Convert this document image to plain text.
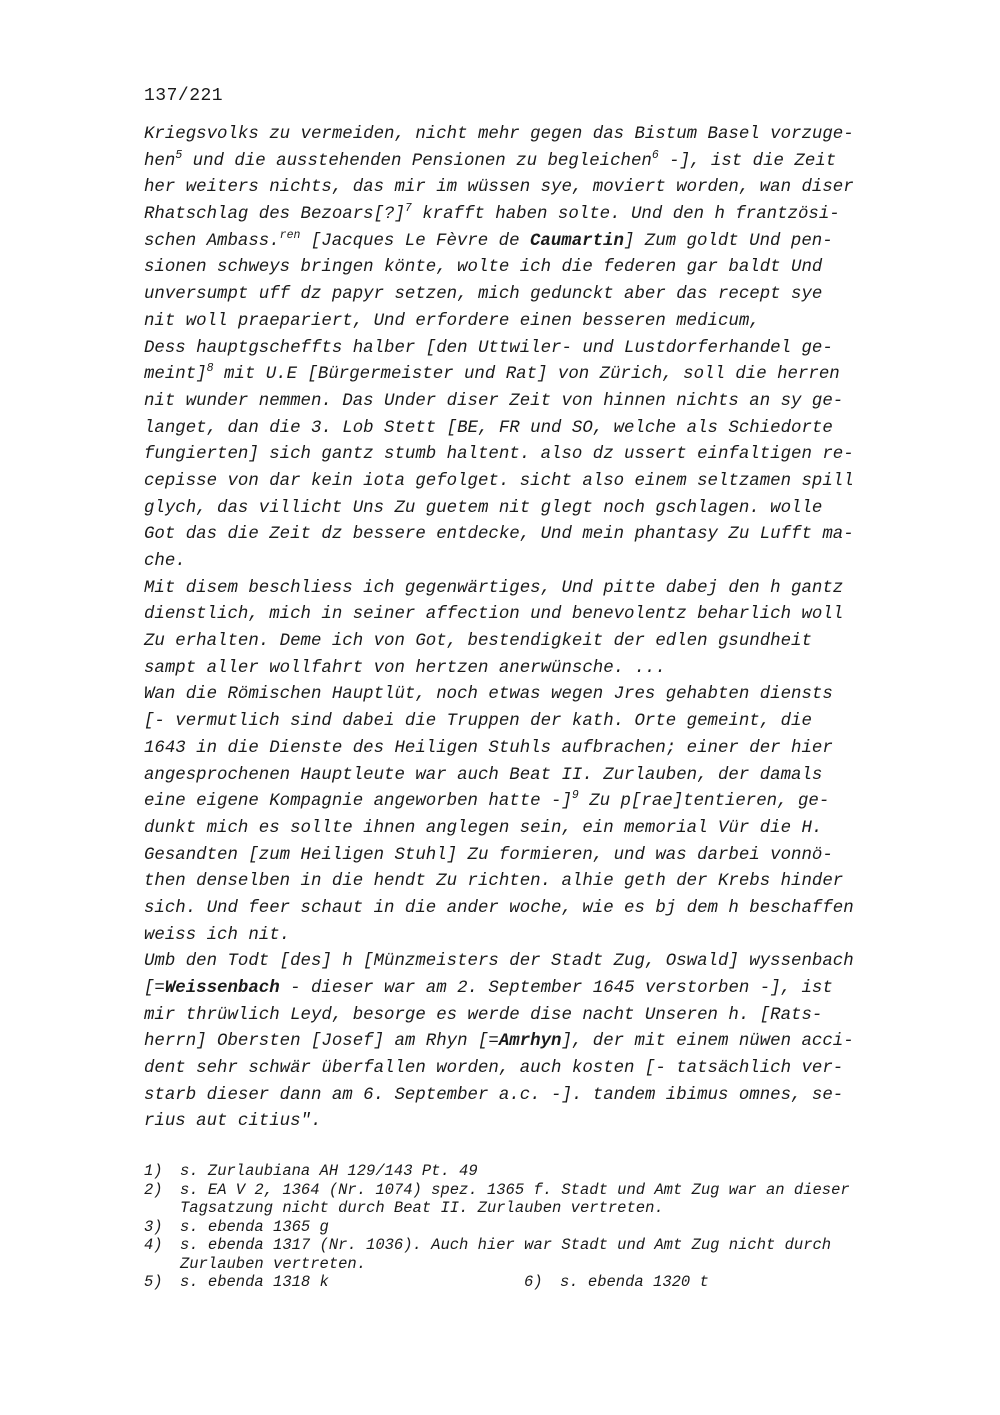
137/221
Kriegsvolks zu vermeiden, nicht mehr gegen das Bistum Basel vorzuge-
hen$^5$ und die ausstehenden Pensionen zu begleichen$^6$ -], ist die Zeit
her weiters nichts, das mir im wüssen sye, moviert worden, wan diser
Rhatschlag des Bezoars[?]$^7$ krafft haben solte. Und den h frantzösi-
schen Ambass.$^{ren}$ [Jacques Le Fèvre de Caumartin] Zum goldt Und pen-
sionen schweys bringen könte, wolte ich die federen gar baldt Und
unversumpt uff dz papyr setzen, mich gedunckt aber das recept sye
nit woll praepariert, Und erfordere einen besseren medicum,
Dess hauptgscheffts halber [den Uttwiler- und Lustdorferhandel ge-
meint]$^8$ mit U.E [Bürgermeister und Rat] von Zürich, soll die herren
nit wunder nemmen. Das Under diser Zeit von hinnen nichts an sy ge-
langet, dan die 3. Lob Stett [BE, FR und SO, welche als Schiedorte
fungierten] sich gantz stumb haltent. also dz ussert einfaltigen re-
cepisse von dar kein iota gefolget. sicht also einem seltzamen spill
glych, das villicht Uns Zu guetem nit glegt noch gschlagen. wolle
Got das die Zeit dz bessere entdecke, Und mein phantasy Zu Lufft ma-
che.
Mit disem beschliess ich gegenwärtiges, Und pitte dabej den h gantz
dienstlich, mich in seiner affection und benevolentz beharlich woll
Zu erhalten. Deme ich von Got, bestendigkeit der edlen gsundheit
sampt aller wollfahrt von hertzen anerwünsche. ...
Wan die Römischen Hauptlüt, noch etwas wegen Jres gehabten diensts
[- vermutlich sind dabei die Truppen der kath. Orte gemeint, die
1643 in die Dienste des Heiligen Stuhls aufbrachen; einer der hier
angesprochenen Hauptleute war auch Beat II. Zurlauben, der damals
eine eigene Kompagnie angeworben hatte -]$^9$ Zu p[rae]tentieren, ge-
dunkt mich es sollte ihnen anglegen sein, ein memorial Vür die H.
Gesandten [zum Heiligen Stuhl] Zu formieren, und was darbei vonnö-
then denselben in die hendt Zu richten. alhie geth der Krebs hinder
sich. Und feer schaut in die ander woche, wie es bj dem h beschaffen
weiss ich nit.
Umb den Todt [des] h [Münzmeisters der Stadt Zug, Oswald] wyssenbach
[=Weissenbach - dieser war am 2. September 1645 verstorben -], ist
mir thrüwlich Leyd, besorge es werde dise nacht Unseren h. [Rats-
herrn] Obersten [Josef] am Rhyn [=Amrhyn], der mit einem nüwen acci-
dent sehr schwär überfallen worden, auch kosten [- tatsächlich ver-
starb dieser dann am 6. September a.c. -]. tandem ibimus omnes, se-
rius aut citius".
1)	s. Zurlaubiana AH 129/143 Pt. 49
2)	s. EA V 2, 1364 (Nr. 1074) spez. 1365 f. Stadt und Amt Zug war an dieser
Tagsatzung nicht durch Beat II. Zurlauben vertreten.
3)	s. ebenda 1365 g
4)	s. ebenda 1317 (Nr. 1036). Auch hier war Stadt und Amt Zug nicht durch
Zurlauben vertreten.
5)	s. ebenda 1318 k	6)	s. ebenda 1320 t
